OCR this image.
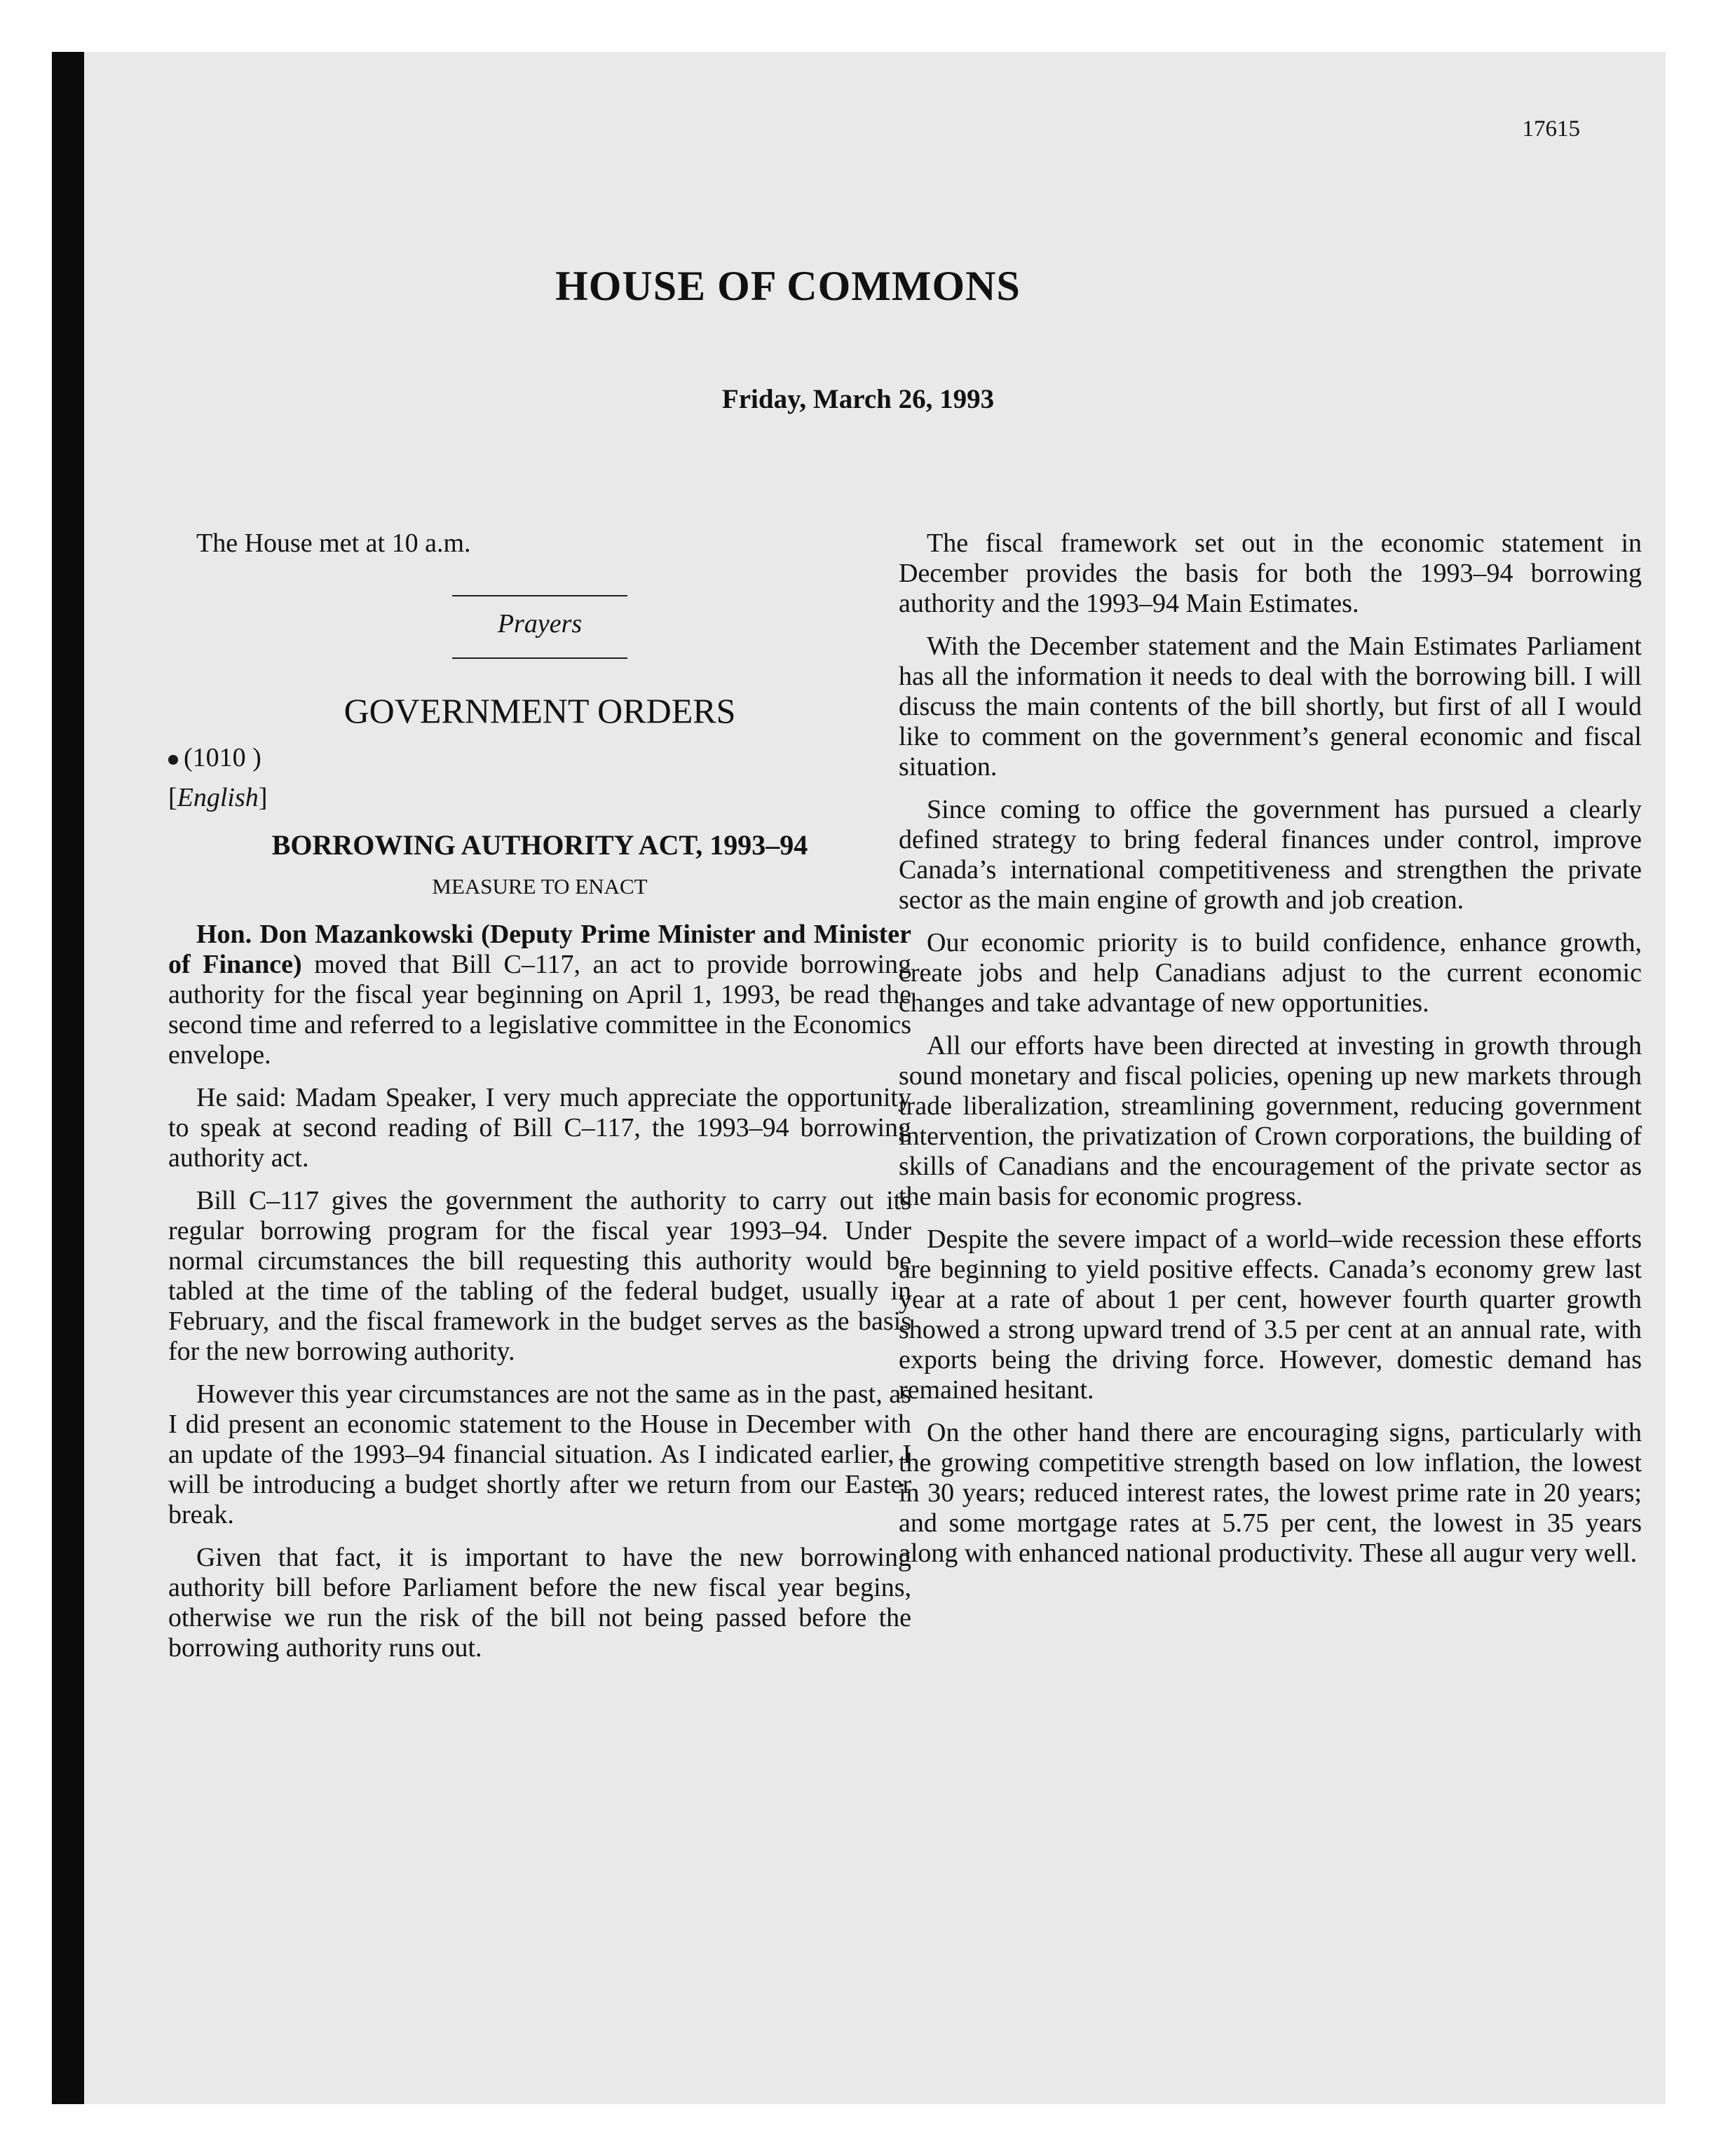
17615
HOUSE OF COMMONS
Friday, March 26, 1993

The House met at 10 a.m.

Prayers
GOVERNMENT ORDERS
(1010 )
[English]
BORROWING AUTHORITY ACT, 1993–94
MEASURE TO ENACT

Hon. Don Mazankowski (Deputy Prime Minister and Minister of Finance) moved that Bill C–117, an act to provide borrowing authority for the fiscal year beginning on April 1, 1993, be read the second time and referred to a legislative committee in the Economics envelope.

He said: Madam Speaker, I very much appreciate the opportunity to speak at second reading of Bill C–117, the 1993–94 borrowing authority act.

Bill C–117 gives the government the authority to carry out its regular borrowing program for the fiscal year 1993–94. Under normal circumstances the bill requesting this authority would be tabled at the time of the tabling of the federal budget, usually in February, and the fiscal framework in the budget serves as the basis for the new borrowing authority.

However this year circumstances are not the same as in the past, as I did present an economic statement to the House in December with an update of the 1993–94 financial situation. As I indicated earlier, I will be introducing a budget shortly after we return from our Easter break.

Given that fact, it is important to have the new borrowing authority bill before Parliament before the new fiscal year begins, otherwise we run the risk of the bill not being passed before the borrowing authority runs out.

The fiscal framework set out in the economic statement in December provides the basis for both the 1993–94 borrowing authority and the 1993–94 Main Estimates.

With the December statement and the Main Estimates Parliament has all the information it needs to deal with the borrowing bill. I will discuss the main contents of the bill shortly, but first of all I would like to comment on the government’s general economic and fiscal situation.

Since coming to office the government has pursued a clearly defined strategy to bring federal finances under control, improve Canada’s international competitiveness and strengthen the private sector as the main engine of growth and job creation.

Our economic priority is to build confidence, enhance growth, create jobs and help Canadians adjust to the current economic changes and take advantage of new opportunities.

All our efforts have been directed at investing in growth through sound monetary and fiscal policies, opening up new markets through trade liberalization, streamlining government, reducing government intervention, the privatization of Crown corporations, the building of skills of Canadians and the encouragement of the private sector as the main basis for economic progress.

Despite the severe impact of a world–wide recession these efforts are beginning to yield positive effects. Canada’s economy grew last year at a rate of about 1 per cent, however fourth quarter growth showed a strong upward trend of 3.5 per cent at an annual rate, with exports being the driving force. However, domestic demand has remained hesitant.

On the other hand there are encouraging signs, particularly with the growing competitive strength based on low inflation, the lowest in 30 years; reduced interest rates, the lowest prime rate in 20 years; and some mortgage rates at 5.75 per cent, the lowest in 35 years along with enhanced national productivity. These all augur very well.
